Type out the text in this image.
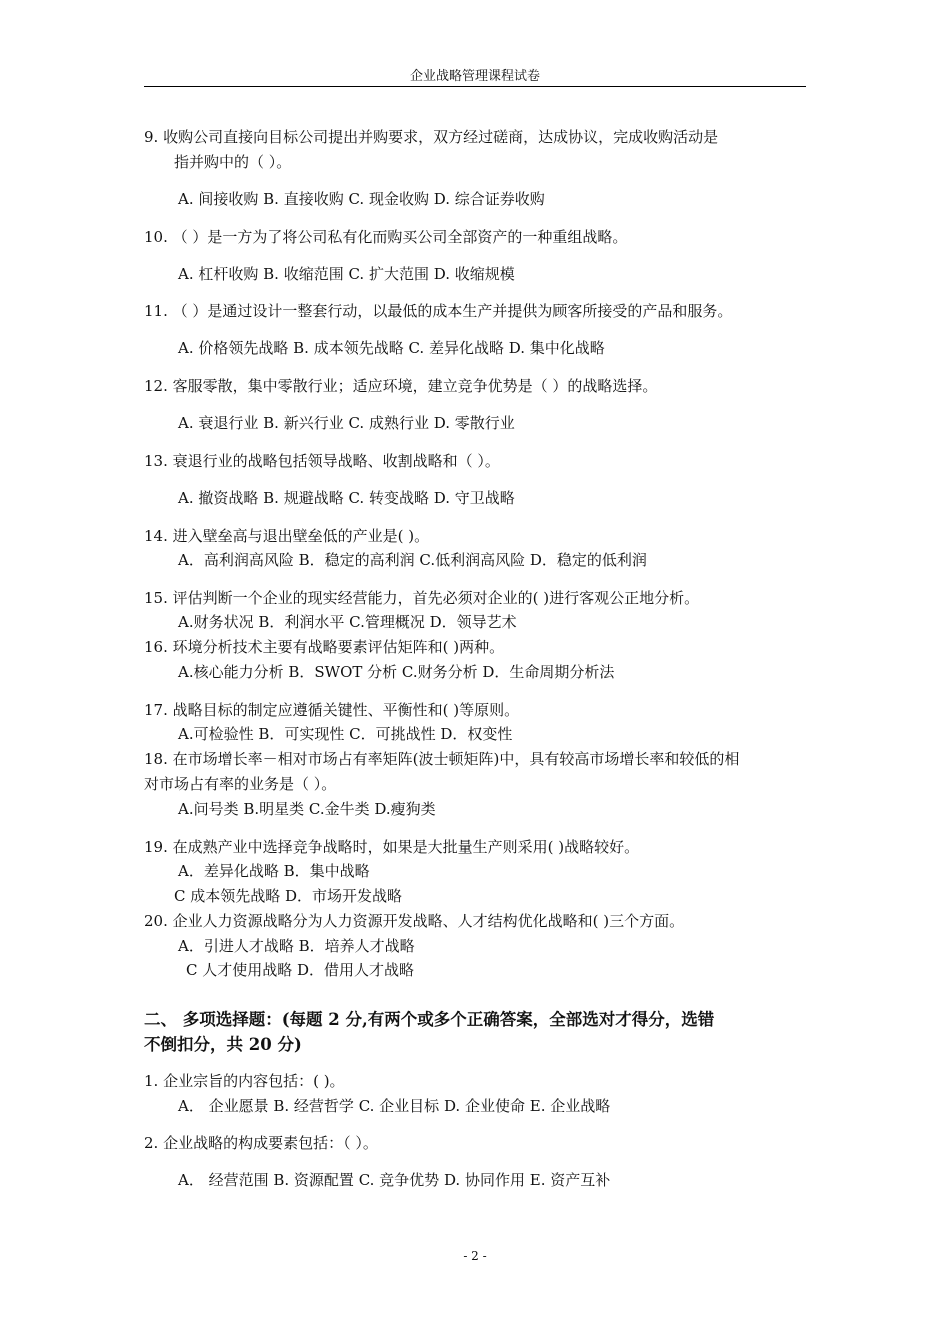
企业战略管理课程试卷
9. 收购公司直接向目标公司提出并购要求，双方经过磋商，达成协议，完成收购活动是
指并购中的（ ）。
A. 间接收购 B. 直接收购 C. 现金收购 D. 综合证券收购
10. （ ）是一方为了将公司私有化而购买公司全部资产的一种重组战略。
A. 杠杆收购 B. 收缩范围 C. 扩大范围 D. 收缩规模
11. （ ）是通过设计一整套行动，以最低的成本生产并提供为顾客所接受的产品和服务。
A. 价格领先战略 B. 成本领先战略 C. 差异化战略 D. 集中化战略
12. 客服零散，集中零散行业；适应环境，建立竞争优势是（ ）的战略选择。
A. 衰退行业 B. 新兴行业 C. 成熟行业 D. 零散行业
13. 衰退行业的战略包括领导战略、收割战略和（ ）。
A. 撤资战略 B. 规避战略 C. 转变战略 D. 守卫战略
14. 进入壁垒高与退出壁垒低的产业是( )。
A．高利润高风险 B．稳定的高利润 C.低利润高风险 D．稳定的低利润
15. 评估判断一个企业的现实经营能力，首先必须对企业的( )进行客观公正地分析。
A.财务状况 B．利润水平 C.管理概况 D．领导艺术
16. 环境分析技术主要有战略要素评估矩阵和( )两种。
A.核心能力分析 B．SWOT 分析 C.财务分析 D．生命周期分析法
17. 战略目标的制定应遵循关键性、平衡性和( )等原则。
A.可检验性 B．可实现性 C．可挑战性 D．权变性
18. 在市场增长率－相对市场占有率矩阵(波士顿矩阵)中，具有较高市场增长率和较低的相
对市场占有率的业务是（ ）。
A.问号类 B.明星类 C.金牛类 D.瘦狗类
19. 在成熟产业中选择竞争战略时，如果是大批量生产则采用( )战略较好。
A．差异化战略 B．集中战略
C 成本领先战略 D．市场开发战略
20. 企业人力资源战略分为人力资源开发战略、人才结构优化战略和( )三个方面。
A．引进人才战略 B．培养人才战略
C 人才使用战略 D．借用人才战略
二、 多项选择题：(每题 2 分,有两个或多个正确答案，全部选对才得分，选错
不倒扣分，共 20 分)
1. 企业宗旨的内容包括：( )。
A． 企业愿景 B. 经营哲学 C. 企业目标 D. 企业使命 E. 企业战略
2. 企业战略的构成要素包括：（ ）。
A． 经营范围 B. 资源配置 C. 竞争优势 D. 协同作用 E. 资产互补
- 2 -
